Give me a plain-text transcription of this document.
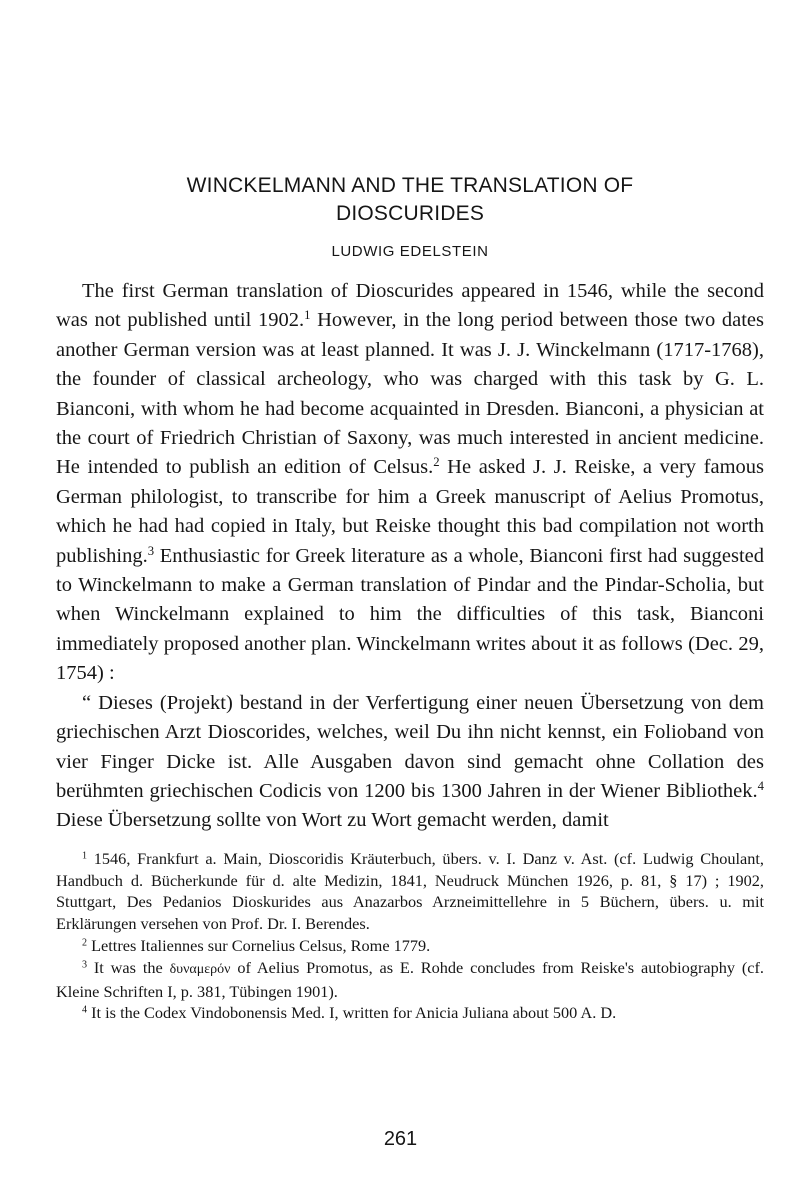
WINCKELMANN AND THE TRANSLATION OF
DIOSCURIDES
LUDWIG EDELSTEIN

The first German translation of Dioscurides appeared in 1546, while the second was not published until 1902.$^1$ However, in the long period between those two dates another German version was at least planned. It was J. J. Winckelmann (1717-1768), the founder of classical archeology, who was charged with this task by G. L. Bianconi, with whom he had become acquainted in Dresden. Bianconi, a physician at the court of Friedrich Christian of Saxony, was much interested in ancient medicine. He intended to publish an edition of Celsus.$^2$ He asked J. J. Reiske, a very famous German philologist, to transcribe for him a Greek manuscript of Aelius Promotus, which he had had copied in Italy, but Reiske thought this bad compilation not worth publishing.$^3$ Enthusiastic for Greek literature as a whole, Bianconi first had suggested to Winckelmann to make a German translation of Pindar and the Pindar-Scholia, but when Winckelmann explained to him the difficulties of this task, Bianconi immediately proposed another plan. Winckelmann writes about it as follows (Dec. 29, 1754) :

“ Dieses (Projekt) bestand in der Verfertigung einer neuen Übersetzung von dem griechischen Arzt Dioscorides, welches, weil Du ihn nicht kennst, ein Folioband von vier Finger Dicke ist. Alle Ausgaben davon sind gemacht ohne Collation des berühmten griechischen Codicis von 1200 bis 1300 Jahren in der Wiener Bibliothek.$^4$ Diese Übersetzung sollte von Wort zu Wort gemacht werden, damit

$^1$ 1546, Frankfurt a. Main, Dioscoridis Kräuterbuch, übers. v. I. Danz v. Ast. (cf. Ludwig Choulant, Handbuch d. Bücherkunde für d. alte Medizin, 1841, Neudruck München 1926, p. 81, § 17) ; 1902, Stuttgart, Des Pedanios Dioskurides aus Anazarbos Arzneimittellehre in 5 Büchern, übers. u. mit Erklärungen versehen von Prof. Dr. I. Berendes.

$^2$ Lettres Italiennes sur Cornelius Celsus, Rome 1779.

$^3$ It was the δυναμερόν of Aelius Promotus, as E. Rohde concludes from Reiske's autobiography (cf. Kleine Schriften I, p. 381, Tübingen 1901).

$^4$ It is the Codex Vindobonensis Med. I, written for Anicia Juliana about 500 A. D.

261
